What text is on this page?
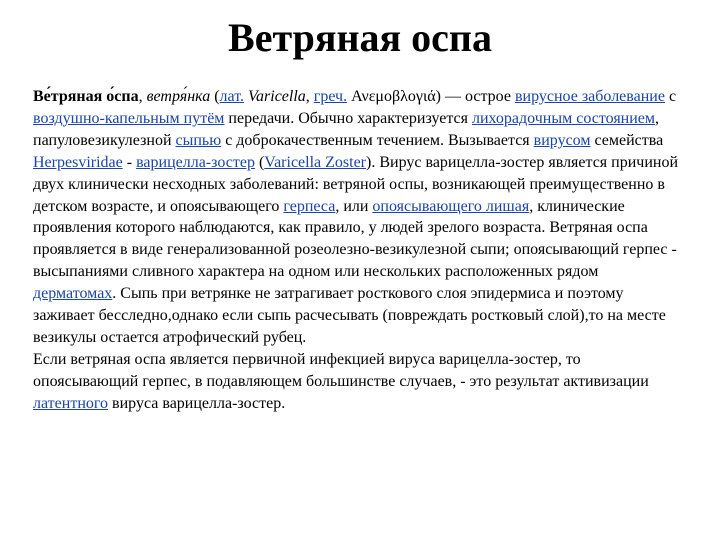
Ветряная оспа

Ве́тряная о́спа, ветря́нка (лат. Varicella, греч. Ανεμοβλογιά) — острое вирусное заболевание с воздушно-капельным путём передачи. Обычно характеризуется лихорадочным состоянием, папуловезикулезной сыпью с доброкачественным течением. Вызывается вирусом семейства Herpesviridae - варицелла-зостер (Varicella Zoster). Вирус варицелла-зостер является причиной двух клинически несходных заболеваний: ветряной оспы, возникающей преимущественно в детском возрасте, и опоясывающего герпеса, или опоясывающего лишая, клинические проявления которого наблюдаются, как правило, у людей зрелого возраста. Ветряная оспа проявляется в виде генерализованной розеолезно-везикулезной сыпи; опоясывающий герпес - высыпаниями сливного характера на одном или нескольких расположенных рядом дерматомах. Сыпь при ветрянке не затрагивает росткового слоя эпидермиса и поэтому заживает бесследно,однако если сыпь расчесывать (повреждать ростковый слой),то на месте везикулы остается атрофический рубец.

Если ветряная оспа является первичной инфекцией вируса варицелла-зостер, то опоясывающий герпес, в подавляющем большинстве случаев, - это результат активизации латентного вируса варицелла-зостер.
